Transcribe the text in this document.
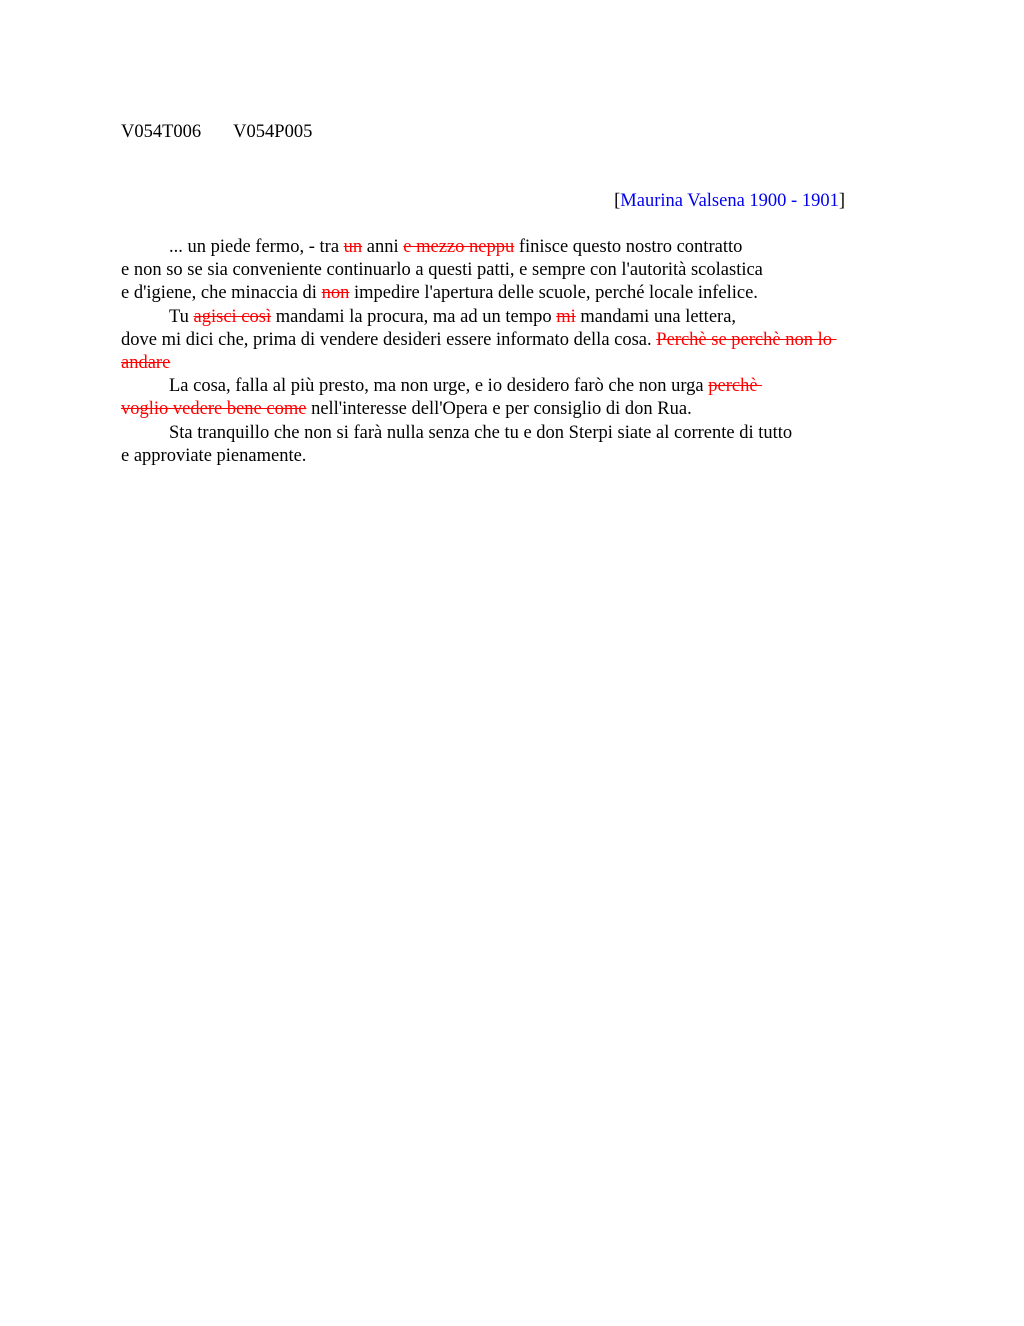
V054T006 V054P005
[Maurina Valsena 1900 - 1901]
... un piede fermo, - tra un anni e mezzo neppu finisce questo nostro contratto
e non so se sia conveniente continuarlo a questi patti, e sempre con l'autorità scolastica
e d'igiene, che minaccia di non impedire l'apertura delle scuole, perché locale infelice.
Tu agisci così mandami la procura, ma ad un tempo mi mandami una lettera,
dove mi dici che, prima di vendere desideri essere informato della cosa. Perchè se perchè non lo
andare
La cosa, falla al più presto, ma non urge, e io desidero farò che non urga perchè
voglio vedere bene come nell'interesse dell'Opera e per consiglio di don Rua.
Sta tranquillo che non si farà nulla senza che tu e don Sterpi siate al corrente di tutto
e approviate pienamente.
